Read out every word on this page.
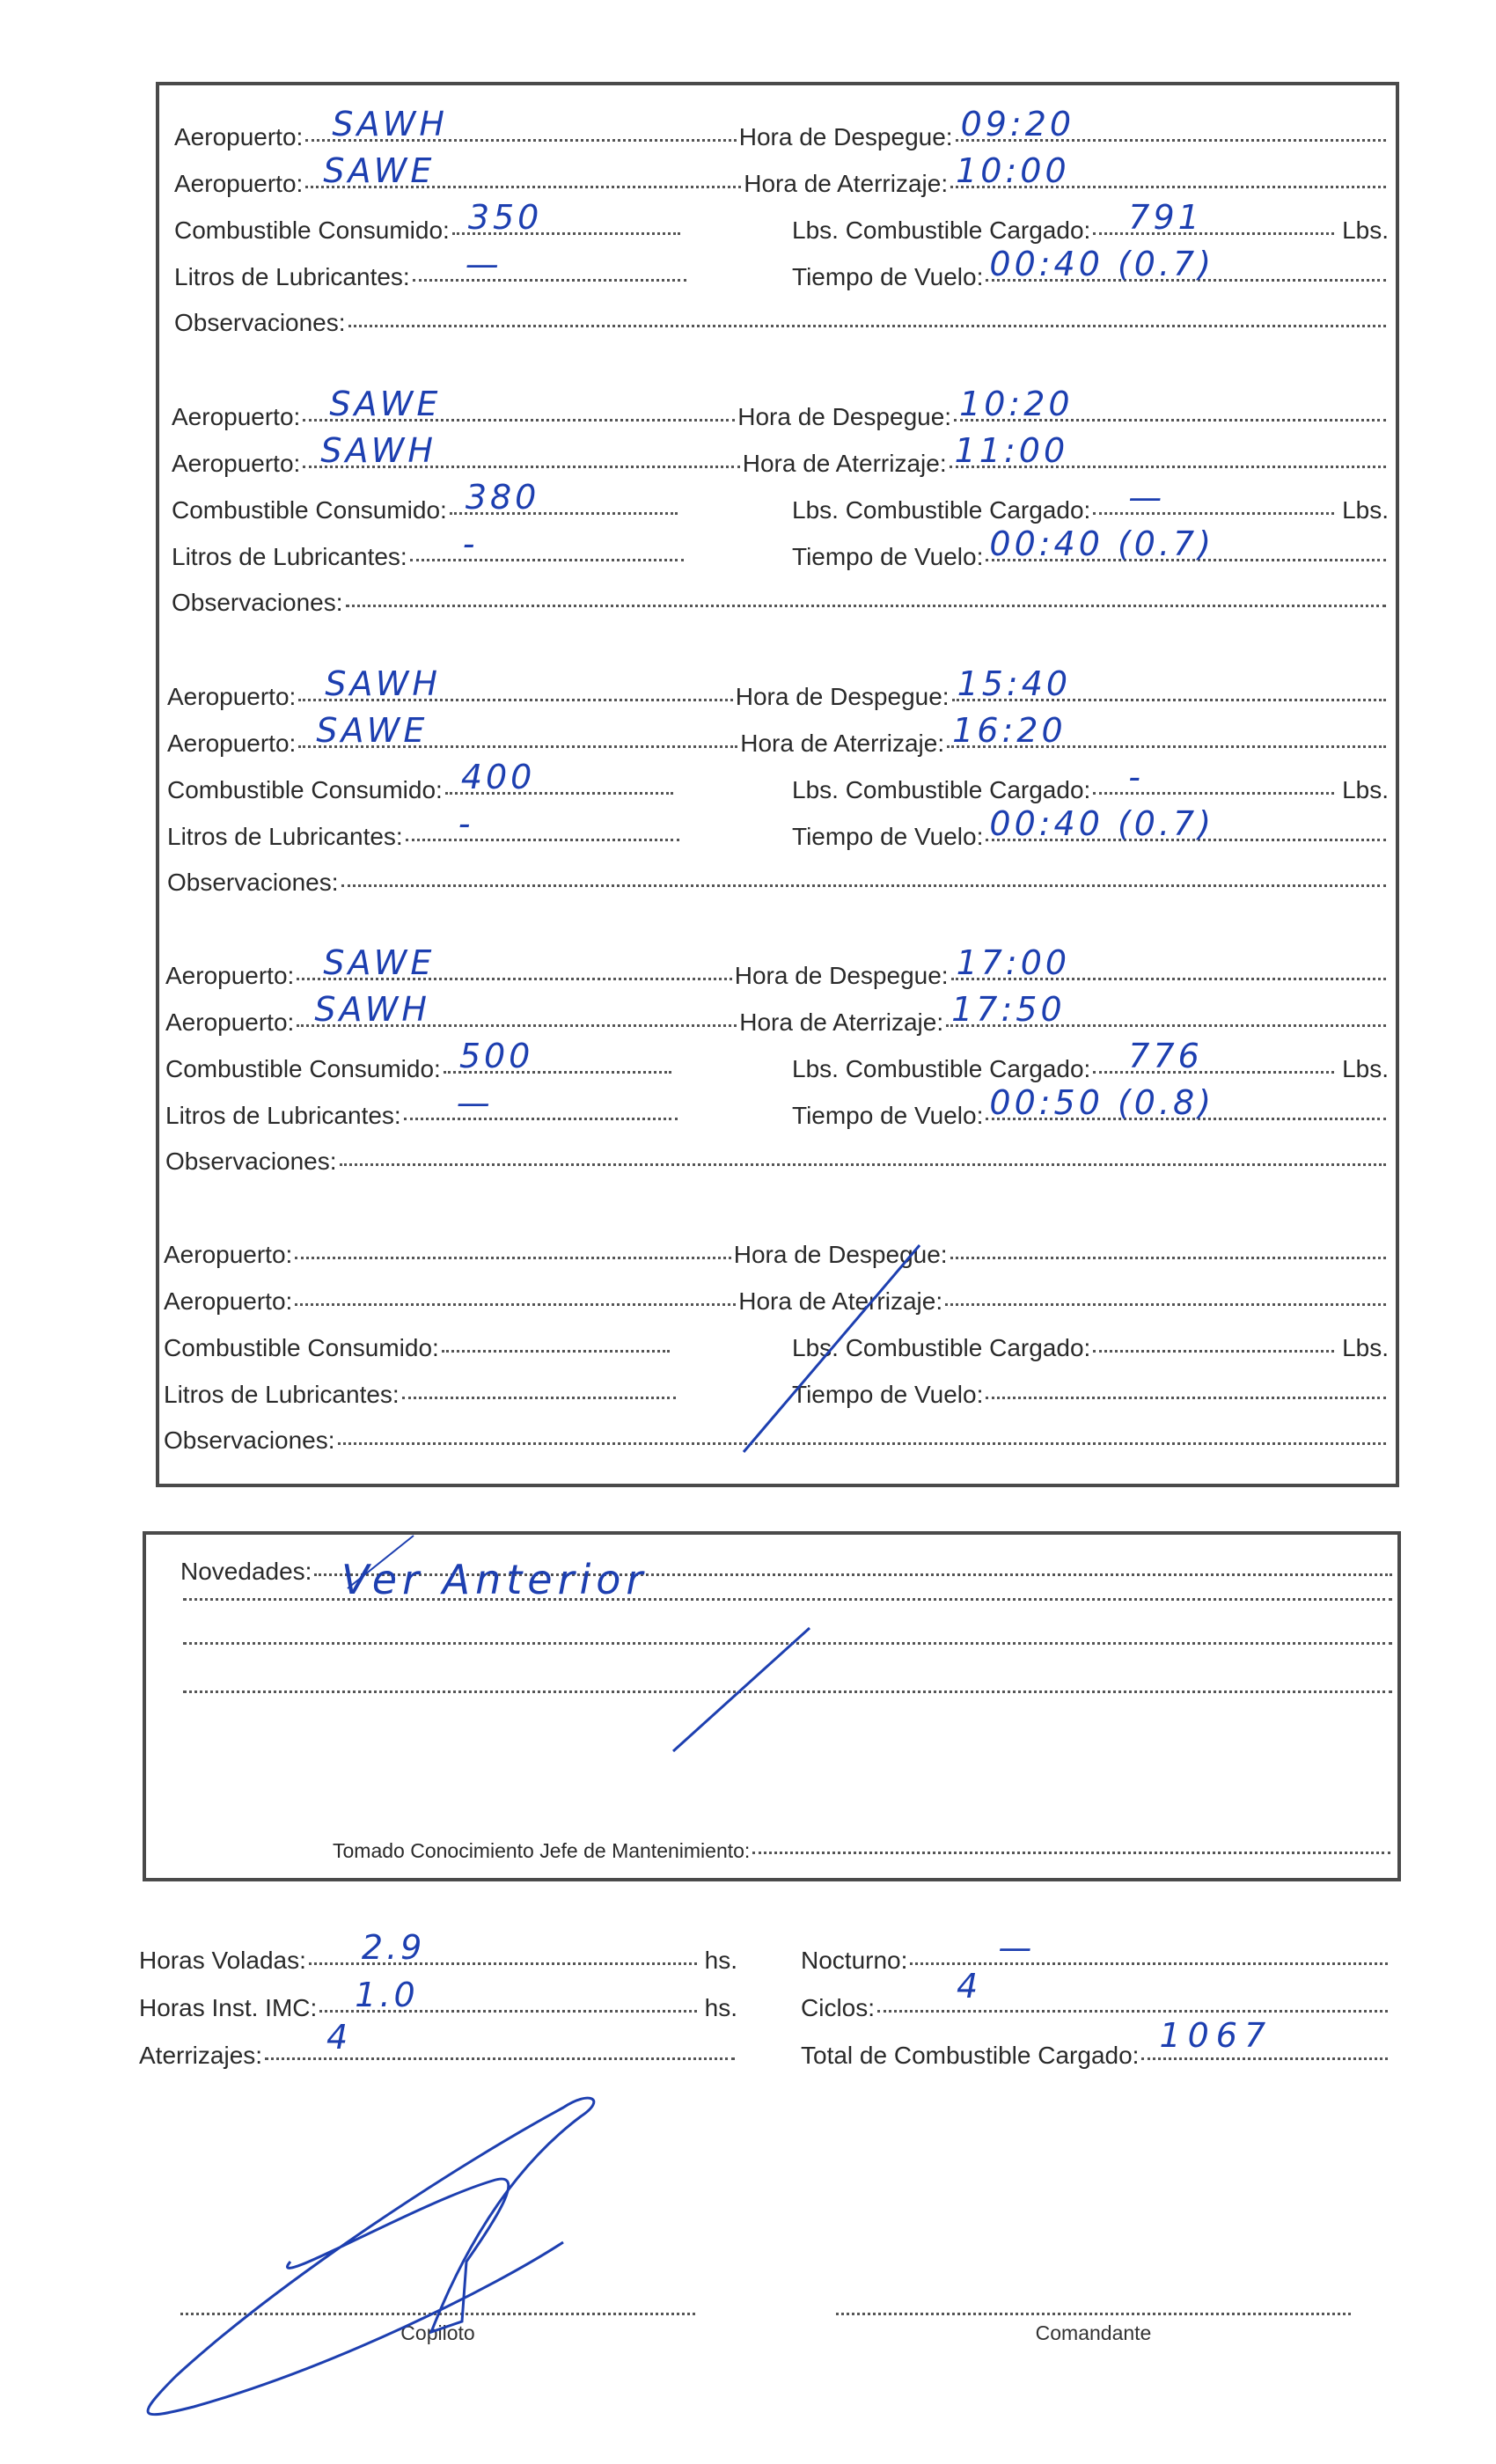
Aeropuerto: SAWH	Hora de Despegue: 09:20
Aeropuerto: SAWE	Hora de Aterrizaje: 10:00
Combustible Consumido: 350	Lbs. Combustible Cargado: 791	Lbs.
Litros de Lubricantes: —	Tiempo de Vuelo: 00:40 (0.7)
Observaciones:
Aeropuerto: SAWE	Hora de Despegue: 10:20
Aeropuerto: SAWH	Hora de Aterrizaje: 11:00
Combustible Consumido: 380	Lbs. Combustible Cargado: —	Lbs.
Litros de Lubricantes: -	Tiempo de Vuelo: 00:40 (0.7)
Observaciones:
Aeropuerto: SAWH	Hora de Despegue: 15:40
Aeropuerto: SAWE	Hora de Aterrizaje: 16:20
Combustible Consumido: 400	Lbs. Combustible Cargado: -	Lbs.
Litros de Lubricantes: -	Tiempo de Vuelo: 00:40 (0.7)
Observaciones:
Aeropuerto: SAWE	Hora de Despegue: 17:00
Aeropuerto: SAWH	Hora de Aterrizaje: 17:50
Combustible Consumido: 500	Lbs. Combustible Cargado: 776	Lbs.
Litros de Lubricantes: —	Tiempo de Vuelo: 00:50 (0.8)
Observaciones:
Aeropuerto:	Hora de Despegue:
Aeropuerto:	Hora de Aterrizaje:
Combustible Consumido:	Lbs. Combustible Cargado:	Lbs.
Litros de Lubricantes:	Tiempo de Vuelo:
Observaciones:
Novedades: Ver Anterior
Tomado Conocimiento Jefe de Mantenimiento:
Horas Voladas: 2.9	hs.
Horas Inst. IMC: 1.0	hs.
Aterrizajes: 4
Nocturno:	—
Ciclos:
4
Total de Combustible Cargado:
1067
Copiloto	Comandante
